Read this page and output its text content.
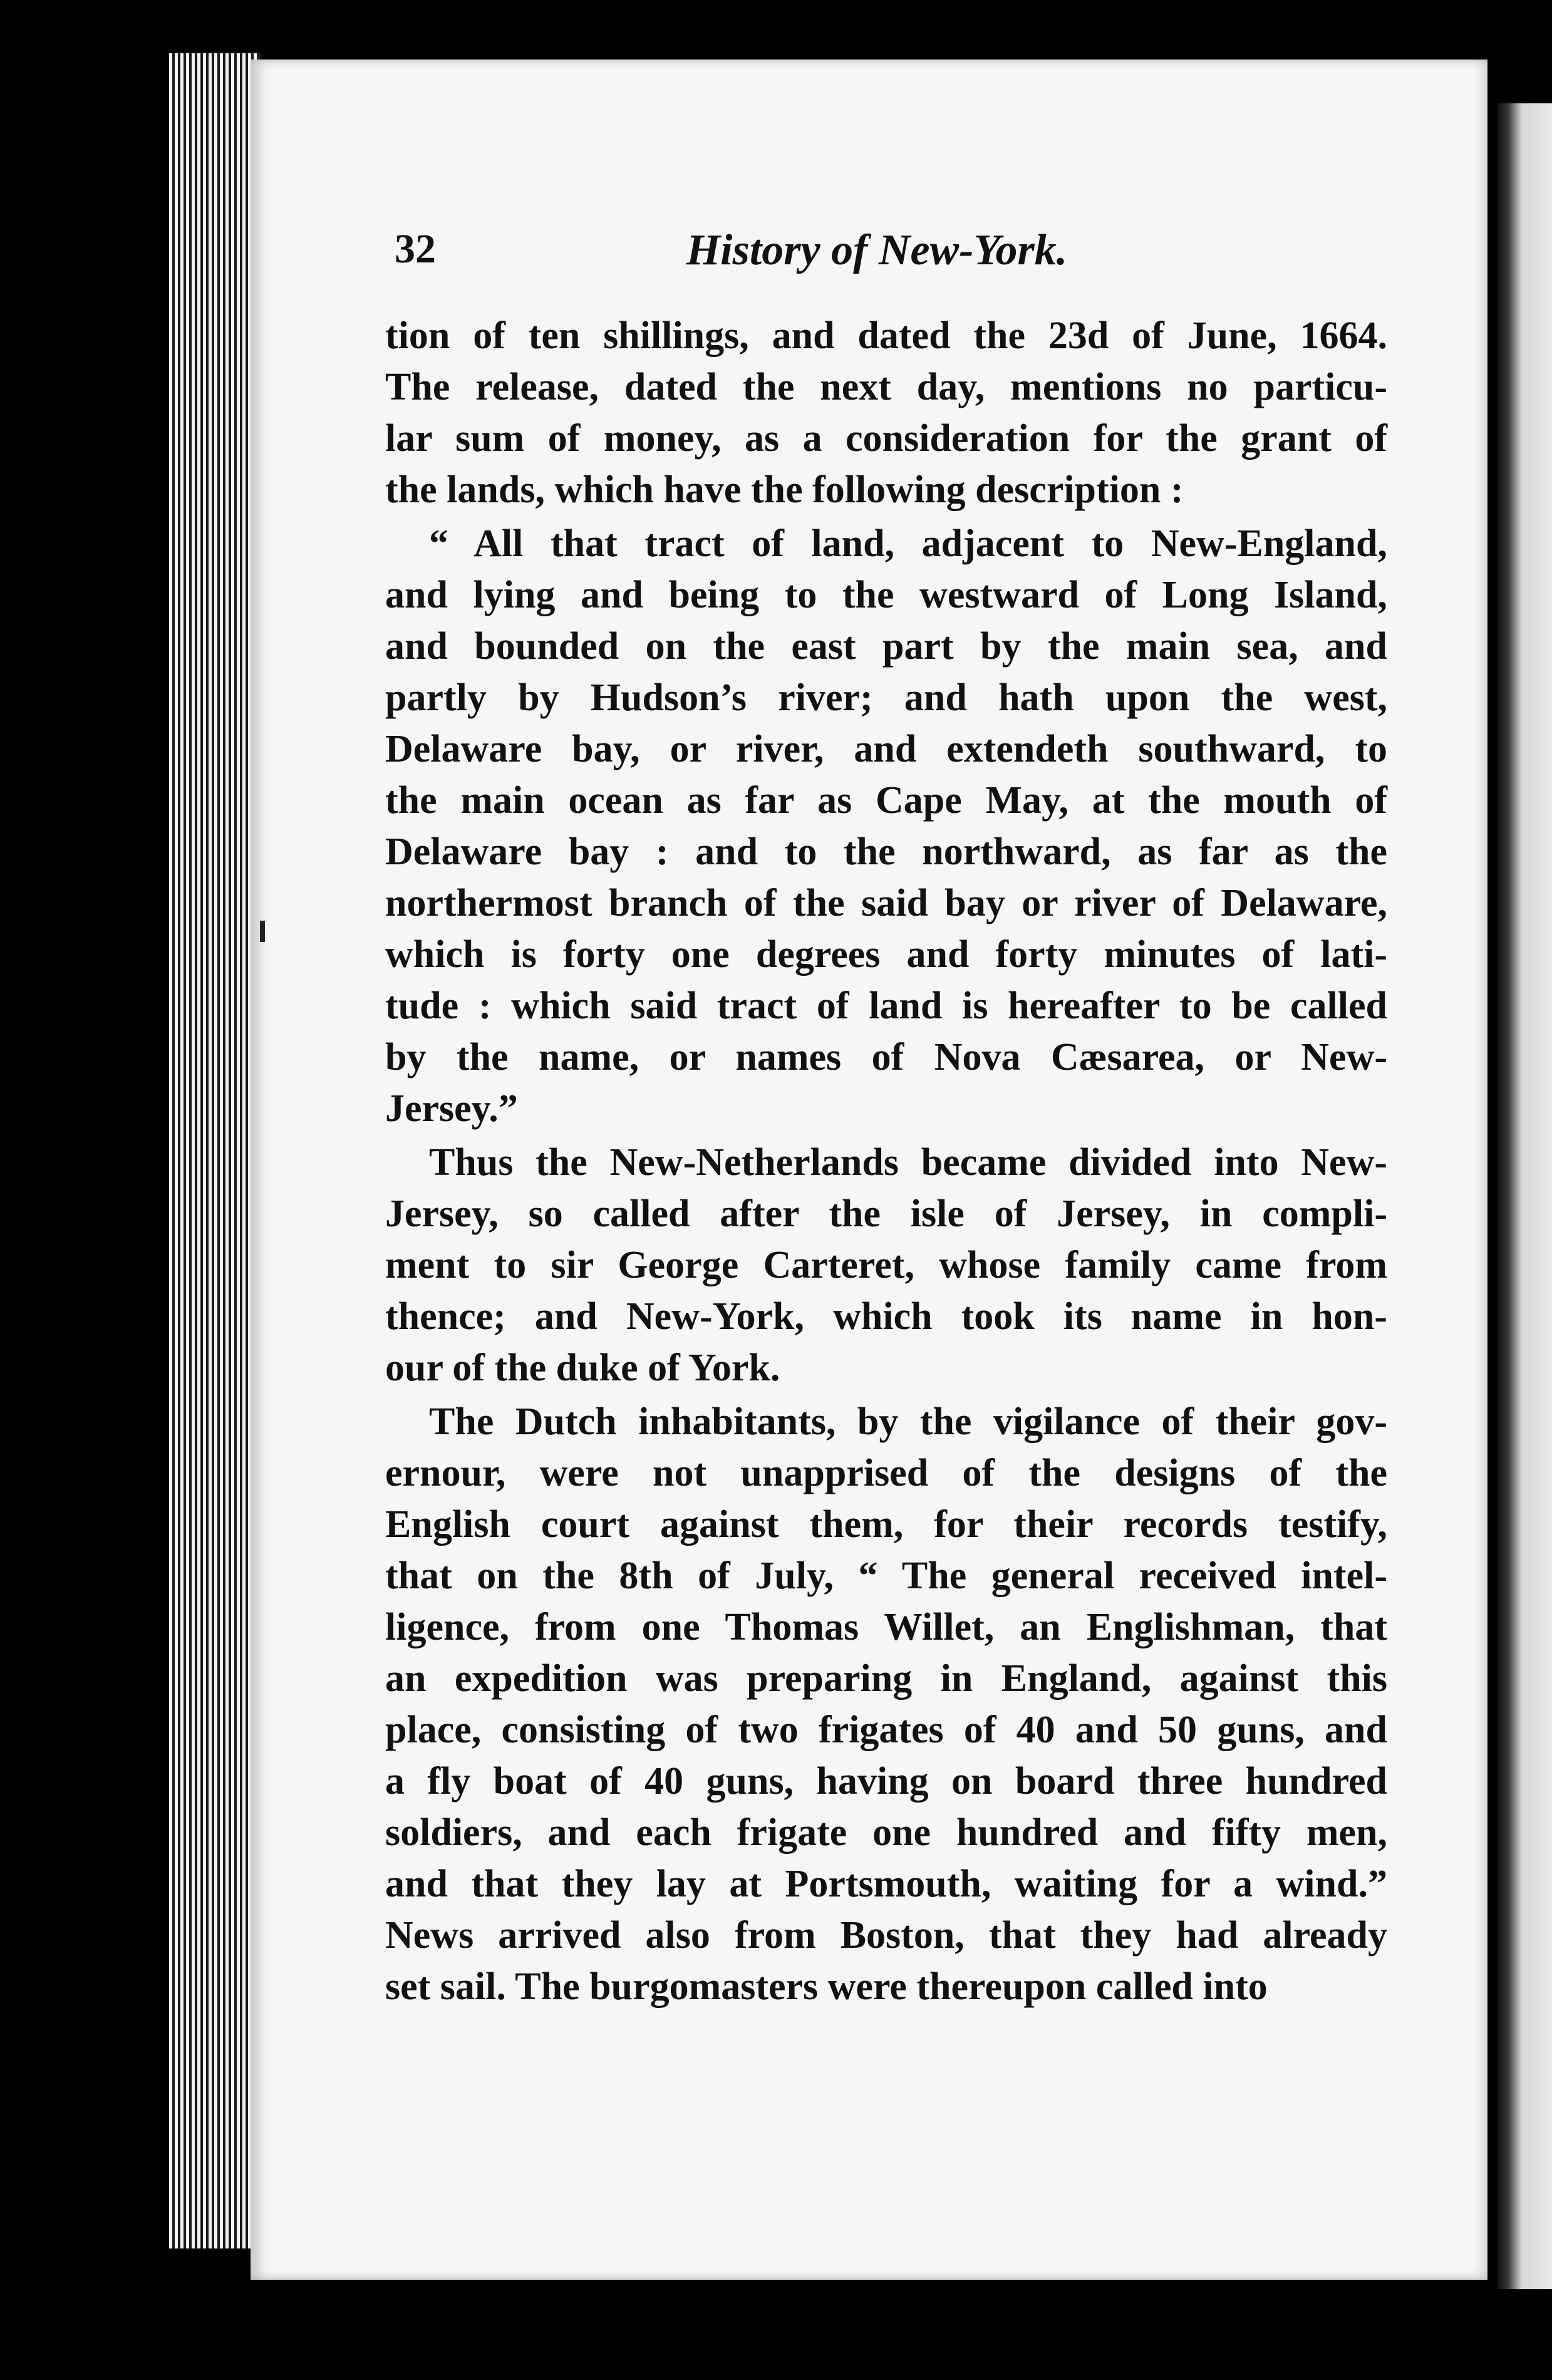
32	History of New-York.
tion of ten shillings, and dated the 23d of June, 1664.
The release, dated the next day, mentions no particu-
lar sum of money, as a consideration for the grant of
the lands, which have the following description :
“ All that tract of land, adjacent to New-England,
and lying and being to the westward of Long Island,
and bounded on the east part by the main sea, and
partly by Hudson’s river; and hath upon the west,
Delaware bay, or river, and extendeth southward, to
the main ocean as far as Cape May, at the mouth of
Delaware bay : and to the northward, as far as the
northermost branch of the said bay or river of Delaware,
which is forty one degrees and forty minutes of lati-
tude : which said tract of land is hereafter to be called
by the name, or names of Nova Cæsarea, or New-
Jersey.”
Thus the New-Netherlands became divided into New-
Jersey, so called after the isle of Jersey, in compli-
ment to sir George Carteret, whose family came from
thence; and New-York, which took its name in hon-
our of the duke of York.
The Dutch inhabitants, by the vigilance of their gov-
ernour, were not unapprised of the designs of the
English court against them, for their records testify,
that on the 8th of July, “ The general received intel-
ligence, from one Thomas Willet, an Englishman, that
an expedition was preparing in England, against this
place, consisting of two frigates of 40 and 50 guns, and
a fly boat of 40 guns, having on board three hundred
soldiers, and each frigate one hundred and fifty men,
and that they lay at Portsmouth, waiting for a wind.”
News arrived also from Boston, that they had already
set sail. The burgomasters were thereupon called into
